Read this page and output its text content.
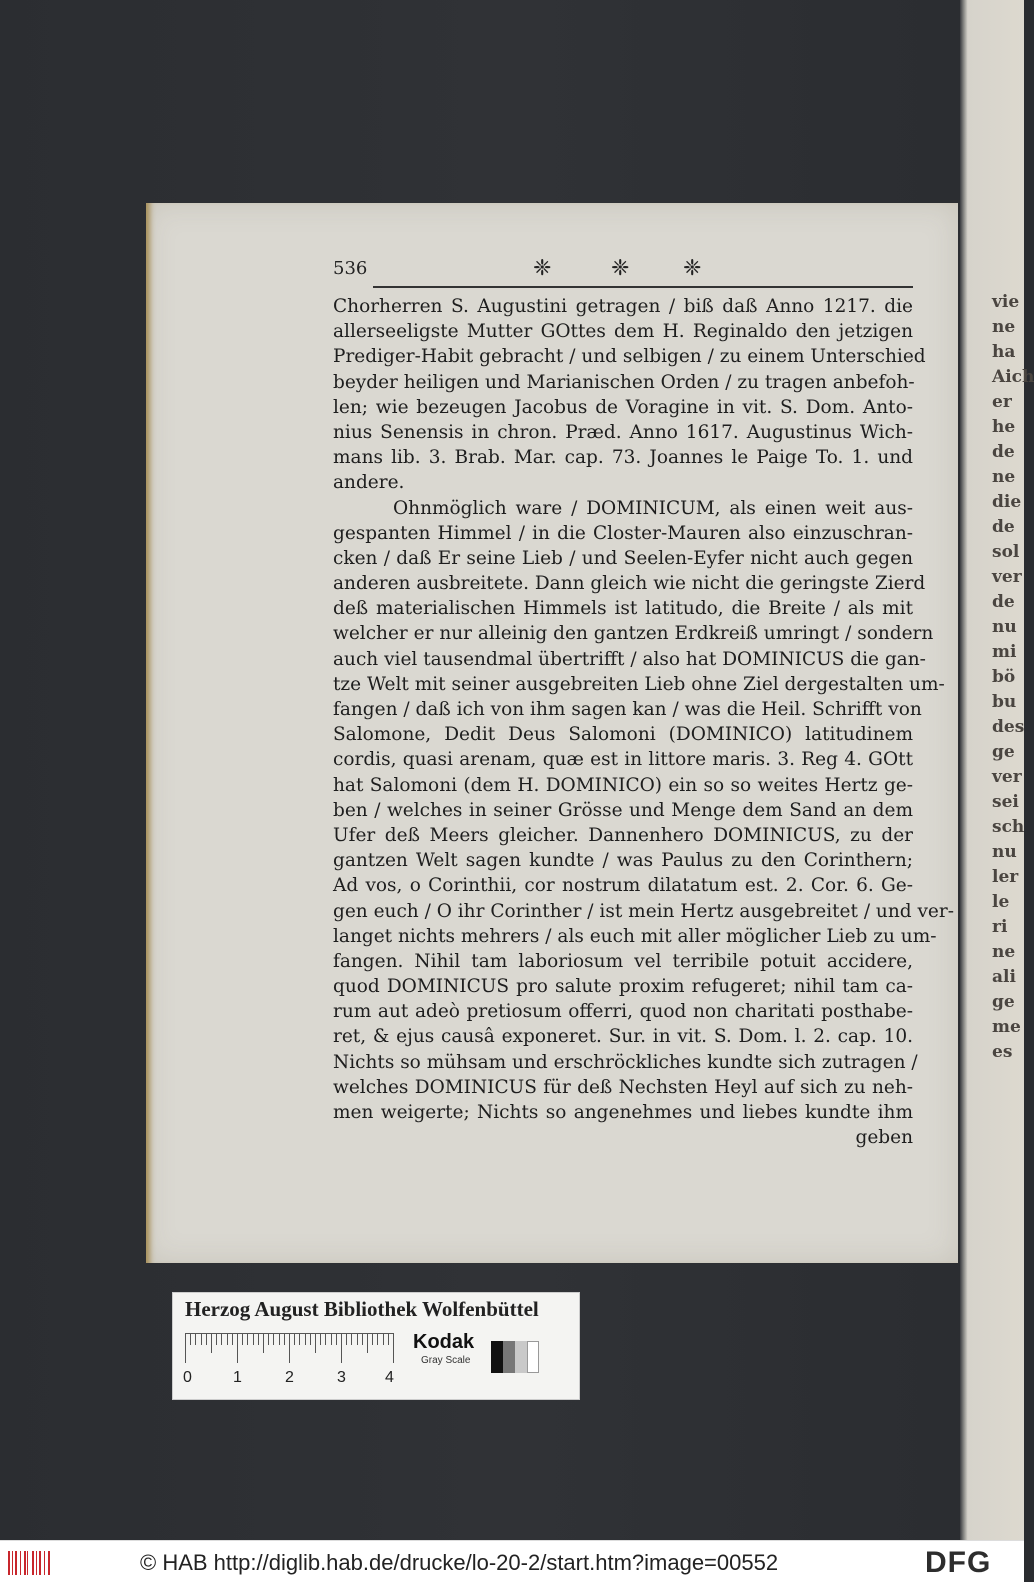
vie
ne
ha
Aich
er
he
de
ne
die
de
sol
ver
de
nu
mi
bö
bu
des
ge
ver
sei
sch
nu
ler
le
ri
ne
ali
ge
me
es
536	❈	❈ ❈
Chorherren S. Augustini getragen / biß daß Anno 1217. die
allerseeligste Mutter GOttes dem H. Reginaldo den jetzigen
Prediger-Habit gebracht / und selbigen / zu einem Unterschied
beyder heiligen und Marianischen Orden / zu tragen anbefoh-
len; wie bezeugen Jacobus de Voragine in vit. S. Dom. Anto-
nius Senensis in chron. Præd. Anno 1617. Augustinus Wich-
mans lib. 3. Brab. Mar. cap. 73. Joannes le Paige To. 1. und
andere.
Ohnmöglich ware / DOMINICUM, als einen weit aus-
gespanten Himmel / in die Closter-Mauren also einzuschran-
cken / daß Er seine Lieb / und Seelen-Eyfer nicht auch gegen
anderen ausbreitete. Dann gleich wie nicht die geringste Zierd
deß materialischen Himmels ist latitudo, die Breite / als mit
welcher er nur alleinig den gantzen Erdkreiß umringt / sondern
auch viel tausendmal übertrifft / also hat DOMINICUS die gan-
tze Welt mit seiner ausgebreiten Lieb ohne Ziel dergestalten um-
fangen / daß ich von ihm sagen kan / was die Heil. Schrifft von
Salomone, Dedit Deus Salomoni (DOMINICO) latitudinem
cordis, quasi arenam, quæ est in littore maris. 3. Reg 4. GOtt
hat Salomoni (dem H. DOMINICO) ein so so weites Hertz ge-
ben / welches in seiner Grösse und Menge dem Sand an dem
Ufer deß Meers gleicher. Dannenhero DOMINICUS, zu der
gantzen Welt sagen kundte / was Paulus zu den Corinthern;
Ad vos, o Corinthii, cor nostrum dilatatum est. 2. Cor. 6. Ge-
gen euch / O ihr Corinther / ist mein Hertz ausgebreitet / und ver-
langet nichts mehrers / als euch mit aller möglicher Lieb zu um-
fangen. Nihil tam laboriosum vel terribile potuit accidere,
quod DOMINICUS pro salute proxim refugeret; nihil tam ca-
rum aut adeò pretiosum offerri, quod non charitati posthabe-
ret, & ejus causâ exponeret. Sur. in vit. S. Dom. l. 2. cap. 10.
Nichts so mühsam und erschröckliches kundte sich zutragen /
welches DOMINICUS für deß Nechsten Heyl auf sich zu neh-
men weigerte; Nichts so angenehmes und liebes kundte ihm
geben
Herzog August Bibliothek Wolfenbüttel
0	1	2	3 4
Kodak
Gray Scale
© HAB http://diglib.hab.de/drucke/lo-20-2/start.htm?image=00552	DFG
